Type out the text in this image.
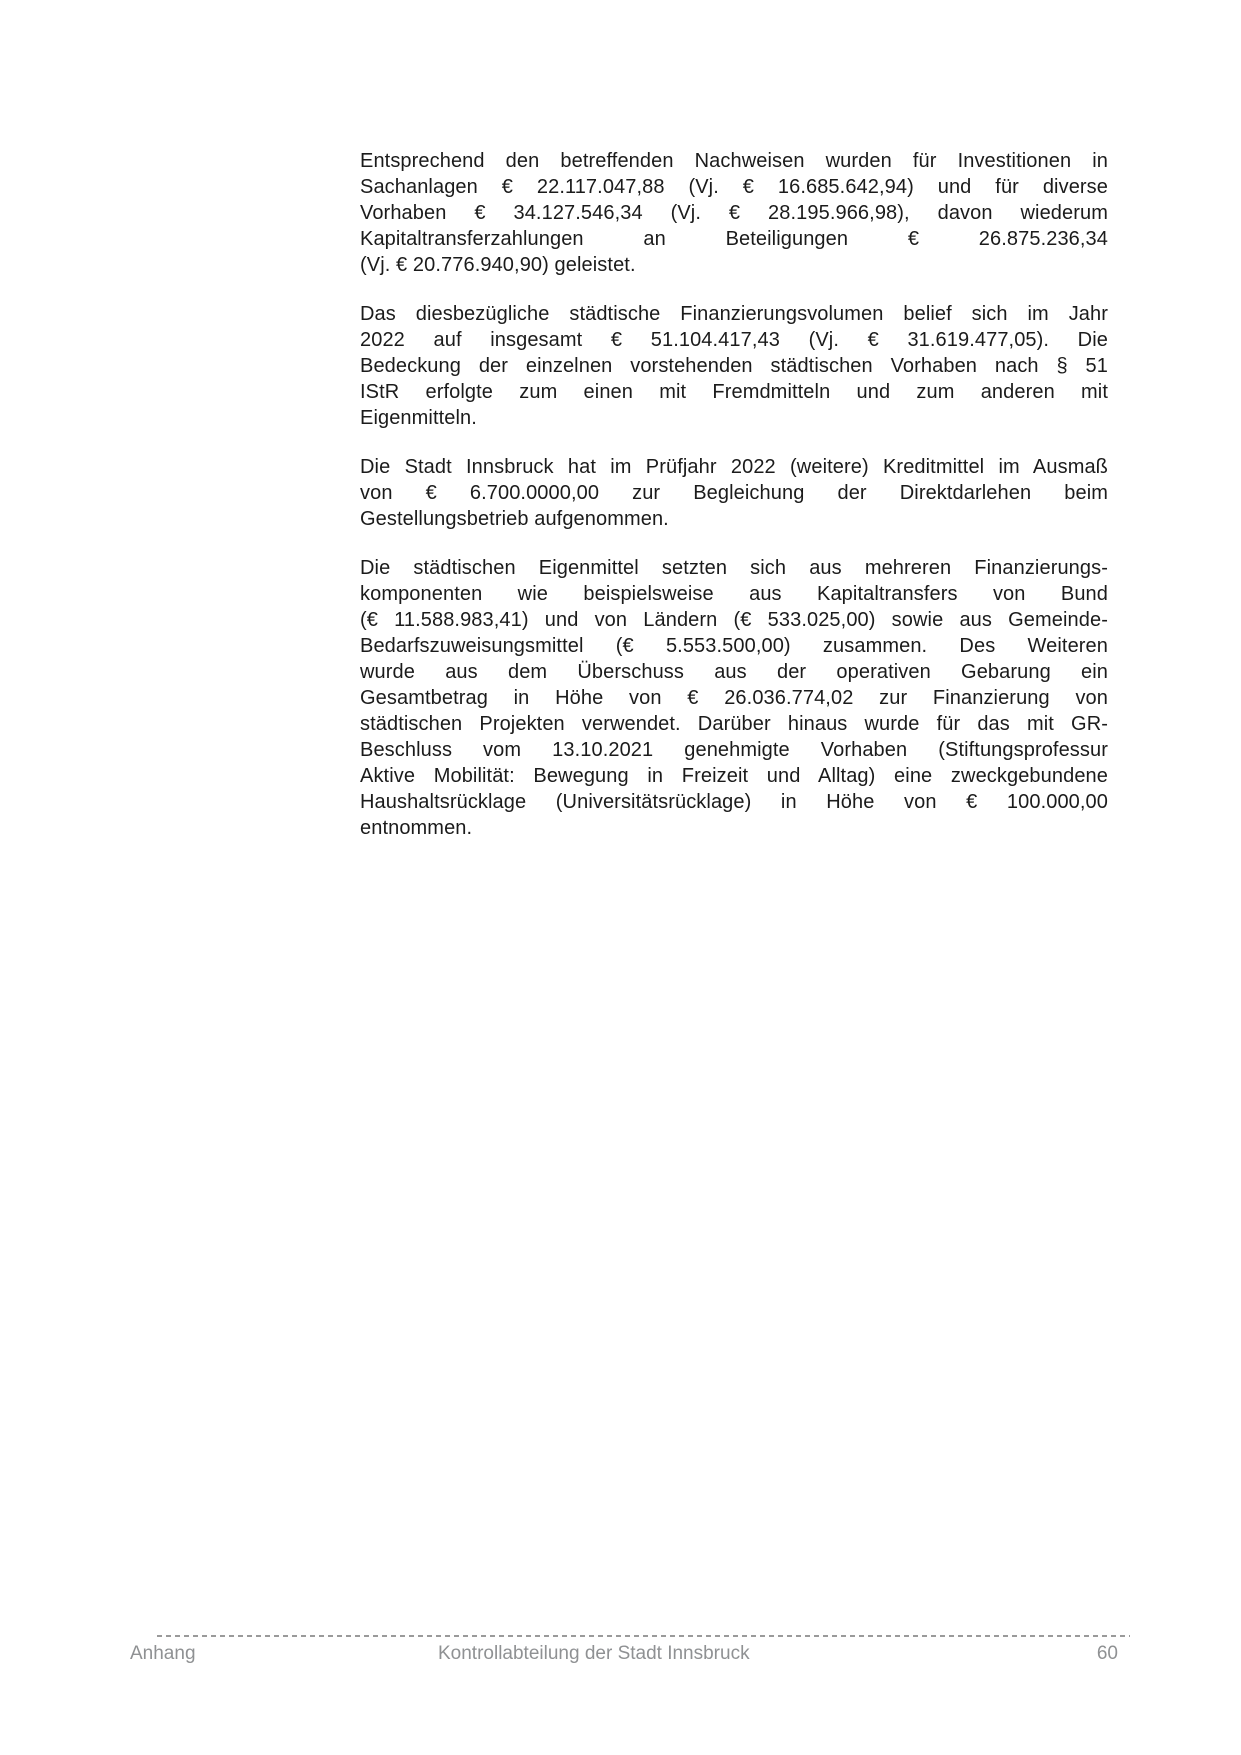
Entsprechend den betreffenden Nachweisen wurden für Investitionen in
Sachanlagen € 22.117.047,88 (Vj. € 16.685.642,94) und für diverse
Vorhaben € 34.127.546,34 (Vj. € 28.195.966,98), davon wiederum
Kapitaltransferzahlungen an Beteiligungen € 26.875.236,34
(Vj. € 20.776.940,90) geleistet.
Das diesbezügliche städtische Finanzierungsvolumen belief sich im Jahr
2022 auf insgesamt € 51.104.417,43 (Vj. € 31.619.477,05). Die
Bedeckung der einzelnen vorstehenden städtischen Vorhaben nach § 51
IStR erfolgte zum einen mit Fremdmitteln und zum anderen mit
Eigenmitteln.
Die Stadt Innsbruck hat im Prüfjahr 2022 (weitere) Kreditmittel im Ausmaß
von € 6.700.0000,00 zur Begleichung der Direktdarlehen beim
Gestellungsbetrieb aufgenommen.
Die städtischen Eigenmittel setzten sich aus mehreren Finanzierungs-
komponenten wie beispielsweise aus Kapitaltransfers von Bund
(€ 11.588.983,41) und von Ländern (€ 533.025,00) sowie aus Gemeinde-
Bedarfszuweisungsmittel (€ 5.553.500,00) zusammen. Des Weiteren
wurde aus dem Überschuss aus der operativen Gebarung ein
Gesamtbetrag in Höhe von € 26.036.774,02 zur Finanzierung von
städtischen Projekten verwendet. Darüber hinaus wurde für das mit GR-
Beschluss vom 13.10.2021 genehmigte Vorhaben (Stiftungsprofessur
Aktive Mobilität: Bewegung in Freizeit und Alltag) eine zweckgebundene
Haushaltsrücklage (Universitätsrücklage) in Höhe von € 100.000,00
entnommen.
Anhang	Kontrollabteilung der Stadt Innsbruck	60
